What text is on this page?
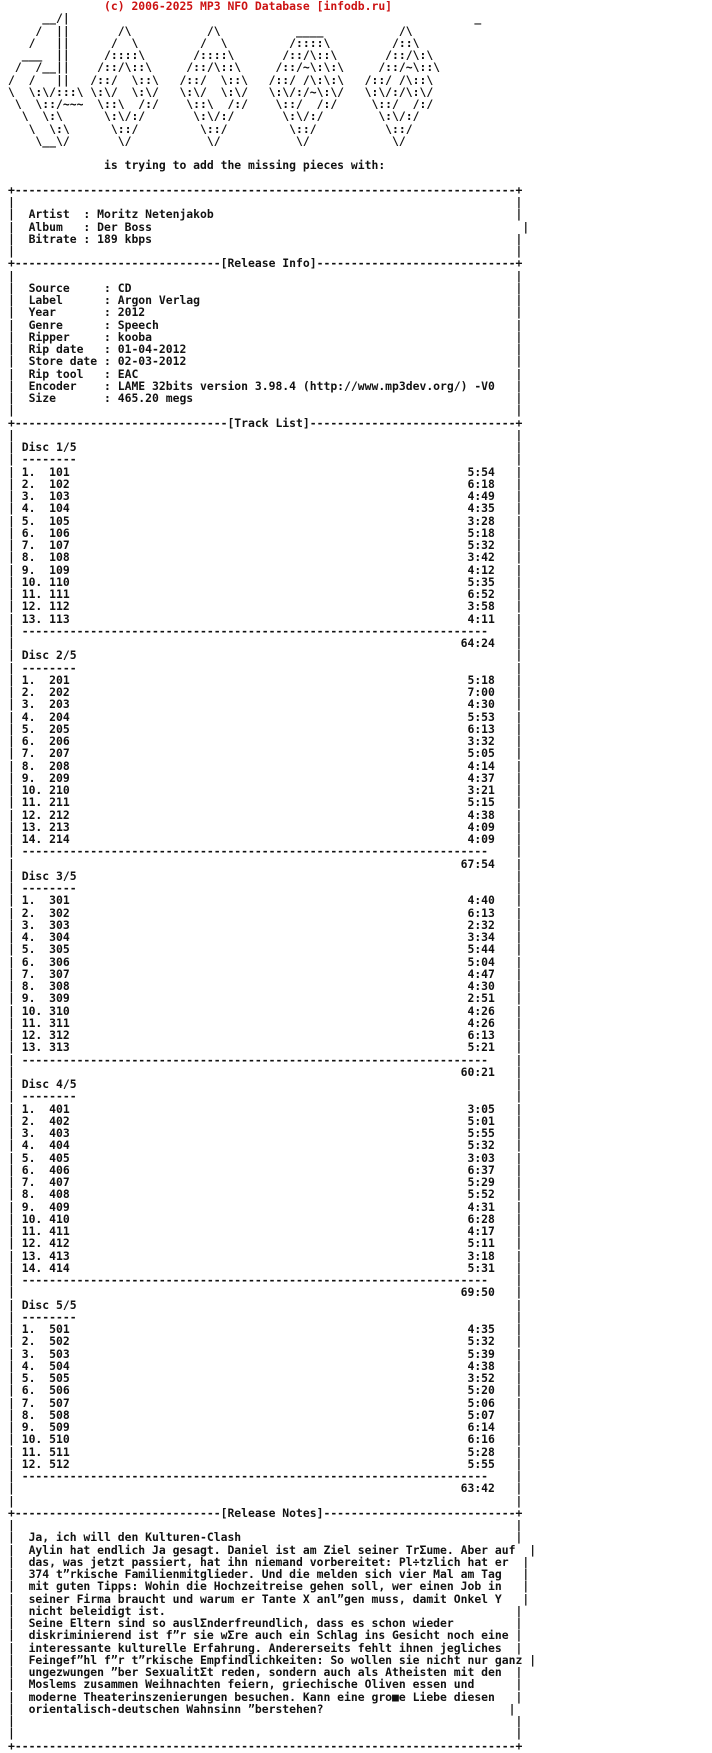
(c) 2006-2025 MP3 NFO Database [infodb.ru]
__/|                                                           _
/  ||       /\           /\           ____           /\
/   ||      /  \         /  \         /::::\         /::\
___  ||     /::::\       /::::\       /::/\::\       /::/\:\
/  /__||    /::/\::\     /::/\::\     /::/~\:\:\     /::/~\::\
/  /   ||   /::/  \::\   /::/  \::\   /::/ /\:\:\   /::/ /\::\
\  \:\/:::\ \:\/  \:\/   \:\/  \:\/   \:\/:/~\:\/   \:\/:/\:\/
\  \::/~~~  \::\  /:/    \::\  /:/    \::/  /:/     \::/  /:/
\  \:\      \:\/:/       \:\/:/       \:\/:/        \:\/:/
\  \:\      \::/         \::/         \::/          \::/
\__\/       \/           \/           \/            \/

is trying to add the missing pieces with:

+-------------------------------------------------------------------------+
|                                                                         |
|  Artist  : Moritz Netenjakob                                            |
|  Album   : Der Boss                                                      |
|  Bitrate : 189 kbps                                                     |
|                                                                         |
+------------------------------[Release Info]-----------------------------+
|                                                                         |
|  Source     : CD                                                        |
|  Label      : Argon Verlag                                              |
|  Year       : 2012                                                      |
|  Genre      : Speech                                                    |
|  Ripper     : kooba                                                     |
|  Rip date   : 01-04-2012                                                |
|  Store date : 02-03-2012                                                |
|  Rip tool   : EAC                                                       |
|  Encoder    : LAME 32bits version 3.98.4 (http://www.mp3dev.org/) -V0   |
|  Size       : 465.20 megs                                               |
|                                                                         |
+-------------------------------[Track List]------------------------------+
|                                                                         |
| Disc 1/5                                                                |
| --------                                                                |
| 1.  101                                                          5:54   |
| 2.  102                                                          6:18   |
| 3.  103                                                          4:49   |
| 4.  104                                                          4:35   |
| 5.  105                                                          3:28   |
| 6.  106                                                          5:18   |
| 7.  107                                                          5:32   |
| 8.  108                                                          3:42   |
| 9.  109                                                          4:12   |
| 10. 110                                                          5:35   |
| 11. 111                                                          6:52   |
| 12. 112                                                          3:58   |
| 13. 113                                                          4:11   |
| --------------------------------------------------------------------    |
|                                                                 64:24   |
| Disc 2/5                                                                |
| --------                                                                |
| 1.  201                                                          5:18   |
| 2.  202                                                          7:00   |
| 3.  203                                                          4:30   |
| 4.  204                                                          5:53   |
| 5.  205                                                          6:13   |
| 6.  206                                                          3:32   |
| 7.  207                                                          5:05   |
| 8.  208                                                          4:14   |
| 9.  209                                                          4:37   |
| 10. 210                                                          3:21   |
| 11. 211                                                          5:15   |
| 12. 212                                                          4:38   |
| 13. 213                                                          4:09   |
| 14. 214                                                          4:09   |
| --------------------------------------------------------------------    |
|                                                                 67:54   |
| Disc 3/5                                                                |
| --------                                                                |
| 1.  301                                                          4:40   |
| 2.  302                                                          6:13   |
| 3.  303                                                          2:32   |
| 4.  304                                                          3:34   |
| 5.  305                                                          5:44   |
| 6.  306                                                          5:04   |
| 7.  307                                                          4:47   |
| 8.  308                                                          4:30   |
| 9.  309                                                          2:51   |
| 10. 310                                                          4:26   |
| 11. 311                                                          4:26   |
| 12. 312                                                          6:13   |
| 13. 313                                                          5:21   |
| --------------------------------------------------------------------    |
|                                                                 60:21   |
| Disc 4/5                                                                |
| --------                                                                |
| 1.  401                                                          3:05   |
| 2.  402                                                          5:01   |
| 3.  403                                                          5:55   |
| 4.  404                                                          5:32   |
| 5.  405                                                          3:03   |
| 6.  406                                                          6:37   |
| 7.  407                                                          5:29   |
| 8.  408                                                          5:52   |
| 9.  409                                                          4:31   |
| 10. 410                                                          6:28   |
| 11. 411                                                          4:17   |
| 12. 412                                                          5:11   |
| 13. 413                                                          3:18   |
| 14. 414                                                          5:31   |
| --------------------------------------------------------------------    |
|                                                                 69:50   |
| Disc 5/5                                                                |
| --------                                                                |
| 1.  501                                                          4:35   |
| 2.  502                                                          5:32   |
| 3.  503                                                          5:39   |
| 4.  504                                                          4:38   |
| 5.  505                                                          3:52   |
| 6.  506                                                          5:20   |
| 7.  507                                                          5:06   |
| 8.  508                                                          5:07   |
| 9.  509                                                          6:14   |
| 10. 510                                                          6:16   |
| 11. 511                                                          5:28   |
| 12. 512                                                          5:55   |
| --------------------------------------------------------------------    |
|                                                                 63:42   |
|                                                                         |
+------------------------------[Release Notes]----------------------------+
|                                                                         |
|  Ja, ich will den Kulturen-Clash                                        |
|  Aylin hat endlich Ja gesagt. Daniel ist am Ziel seiner TrΣume. Aber auf  |
|  das, was jetzt passiert, hat ihn niemand vorbereitet: Pl÷tzlich hat er  |
|  374 t”rkische Familienmitglieder. Und die melden sich vier Mal am Tag   |
|  mit guten Tipps: Wohin die Hochzeitreise gehen soll, wer einen Job in   |
|  seiner Firma braucht und warum er Tante X anl”gen muss, damit Onkel Y   |
|  nicht beleidigt ist.                                                   |
|  Seine Eltern sind so auslΣnderfreundlich, dass es schon wieder         |
|  diskriminierend ist f”r sie wΣre auch ein Schlag ins Gesicht noch eine |
|  interessante kulturelle Erfahrung. Andererseits fehlt ihnen jegliches  |
|  Feingef”hl f”r t”rkische Empfindlichkeiten: So wollen sie nicht nur ganz |
|  ungezwungen ”ber SexualitΣt reden, sondern auch als Atheisten mit den  |
|  Moslems zusammen Weihnachten feiern, griechische Oliven essen und      |
|  moderne Theaterinszenierungen besuchen. Kann eine gro■e Liebe diesen   |
|  orientalisch-deutschen Wahnsinn ”berstehen?                           |
|                                                                         |
|                                                                         |
+-------------------------------------------------------------------------+
